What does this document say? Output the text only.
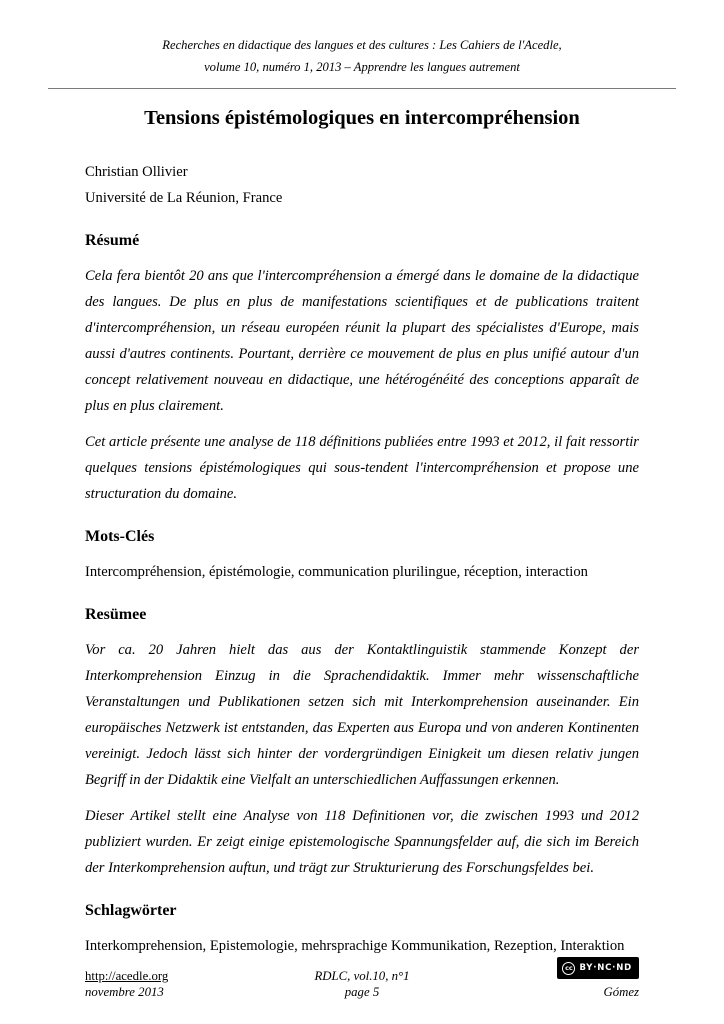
Recherches en didactique des langues et des cultures : Les Cahiers de l'Acedle,
volume 10, numéro 1, 2013 – Apprendre les langues autrement
Tensions épistémologiques en intercompréhension
Christian Ollivier
Université de La Réunion, France
Résumé

Cela fera bientôt 20 ans que l'intercompréhension a émergé dans le domaine de la didactique des langues. De plus en plus de manifestations scientifiques et de publications traitent d'intercompréhension, un réseau européen réunit la plupart des spécialistes d'Europe, mais aussi d'autres continents. Pourtant, derrière ce mouvement de plus en plus unifié autour d'un concept relativement nouveau en didactique, une hétérogénéité des conceptions apparaît de plus en plus clairement.

Cet article présente une analyse de 118 définitions publiées entre 1993 et 2012, il fait ressortir quelques tensions épistémologiques qui sous-tendent l'intercompréhension et propose une structuration du domaine.

Mots-Clés

Intercompréhension, épistémologie, communication plurilingue, réception, interaction

Resümee

Vor ca. 20 Jahren hielt das aus der Kontaktlinguistik stammende Konzept der Interkomprehension Einzug in die Sprachendidaktik. Immer mehr wissenschaftliche Veranstaltungen und Publikationen setzen sich mit Interkomprehension auseinander. Ein europäisches Netzwerk ist entstanden, das Experten aus Europa und von anderen Kontinenten vereinigt. Jedoch lässt sich hinter der vordergründigen Einigkeit um diesen relativ jungen Begriff in der Didaktik eine Vielfalt an unterschiedlichen Auffassungen erkennen.

Dieser Artikel stellt eine Analyse von 118 Definitionen vor, die zwischen 1993 und 2012 publiziert wurden. Er zeigt einige epistemologische Spannungsfelder auf, die sich im Bereich der Interkomprehension auftun, und trägt zur Strukturierung des Forschungsfeldes bei.

Schlagwörter

Interkomprehension, Epistemologie, mehrsprachige Kommunikation, Rezeption, Interaktion

http://acedle.org
novembre 2013
RDLC, vol.10, n°1
page 5
cc BY·NC·ND
Gómez
